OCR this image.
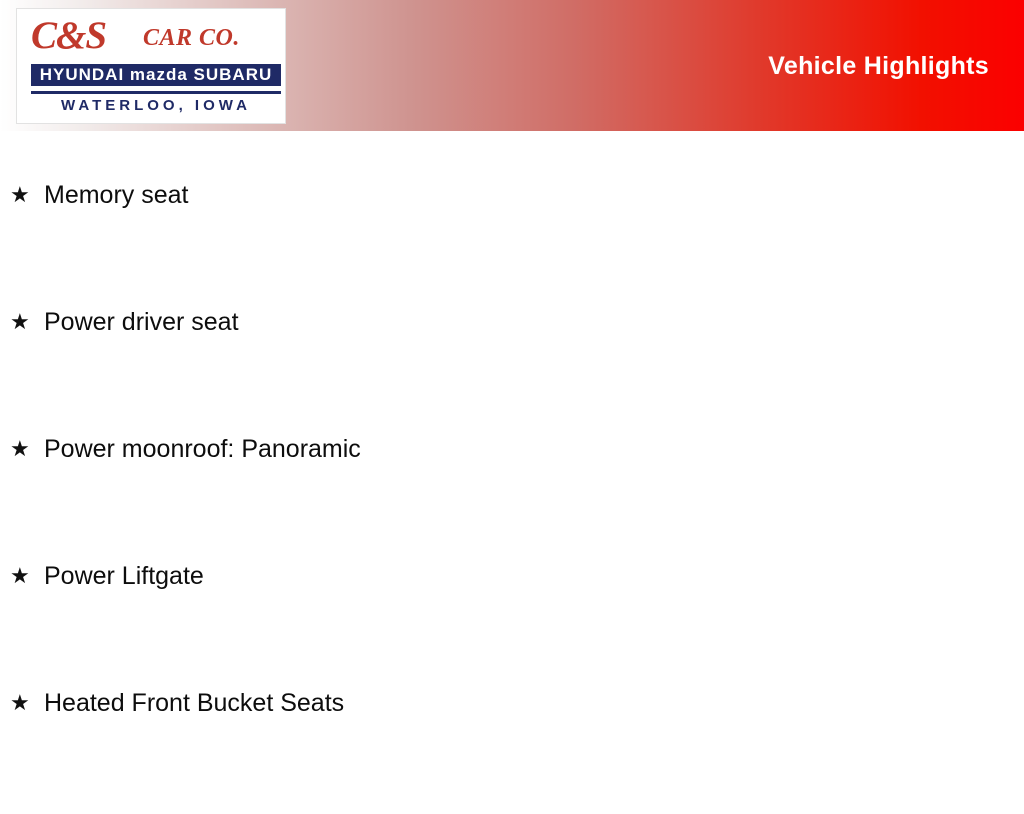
C&S CAR CO.
HYUNDAI mazda SUBARU
WATERLOO, IOWA
Vehicle Highlights
★ Memory seat
★ Power driver seat
★ Power moonroof: Panoramic
★ Power Liftgate
★ Heated Front Bucket Seats
